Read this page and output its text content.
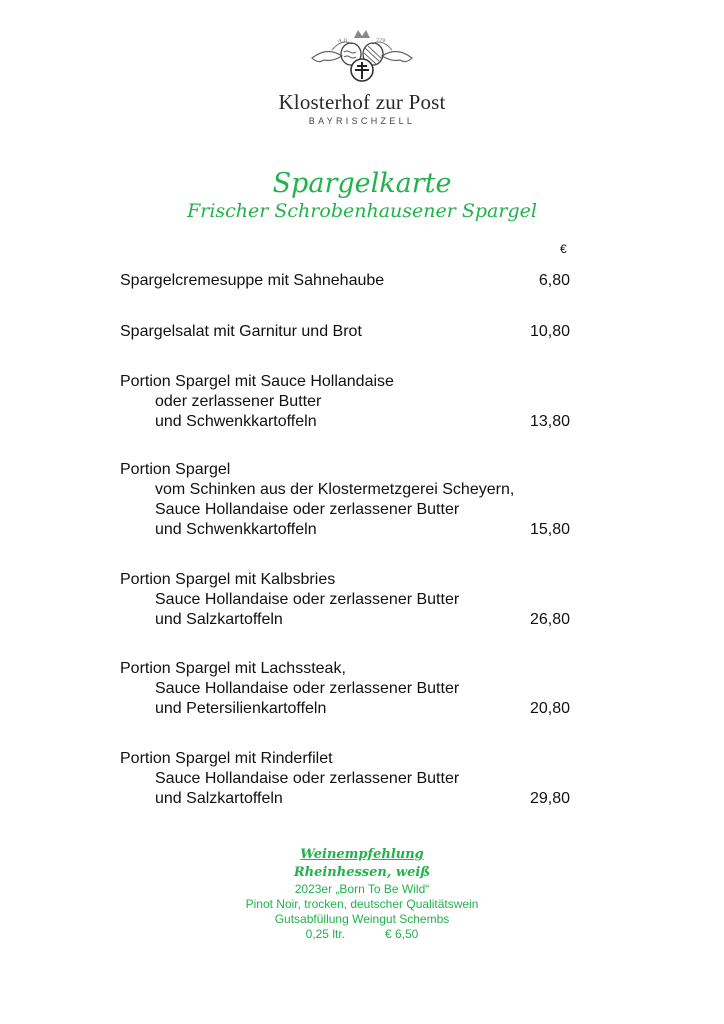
A.D.	779
Klosterhof zur Post
BAYRISCHZELL
Spargelkarte
Frischer Schrobenhausener Spargel
€
Spargelcremesuppe mit Sahnehaube	6,80
Spargelsalat mit Garnitur und Brot	10,80
Portion Spargel mit Sauce Hollandaise
oder zerlassener Butter
und Schwenkkartoffeln	13,80
Portion Spargel
vom Schinken aus der Klostermetzgerei Scheyern,
Sauce Hollandaise oder zerlassener Butter
und Schwenkkartoffeln	15,80
Portion Spargel mit Kalbsbries
Sauce Hollandaise oder zerlassener Butter
und Salzkartoffeln	26,80
Portion Spargel mit Lachssteak,
Sauce Hollandaise oder zerlassener Butter
und Petersilienkartoffeln	20,80
Portion Spargel mit Rinderfilet
Sauce Hollandaise oder zerlassener Butter
und Salzkartoffeln	29,80
Weinempfehlung
Rheinhessen, weiß
2023er „Born To Be Wild“
Pinot Noir, trocken, deutscher Qualitätswein
Gutsabfüllung Weingut Schembs
0,25 ltr.	€ 6,50
